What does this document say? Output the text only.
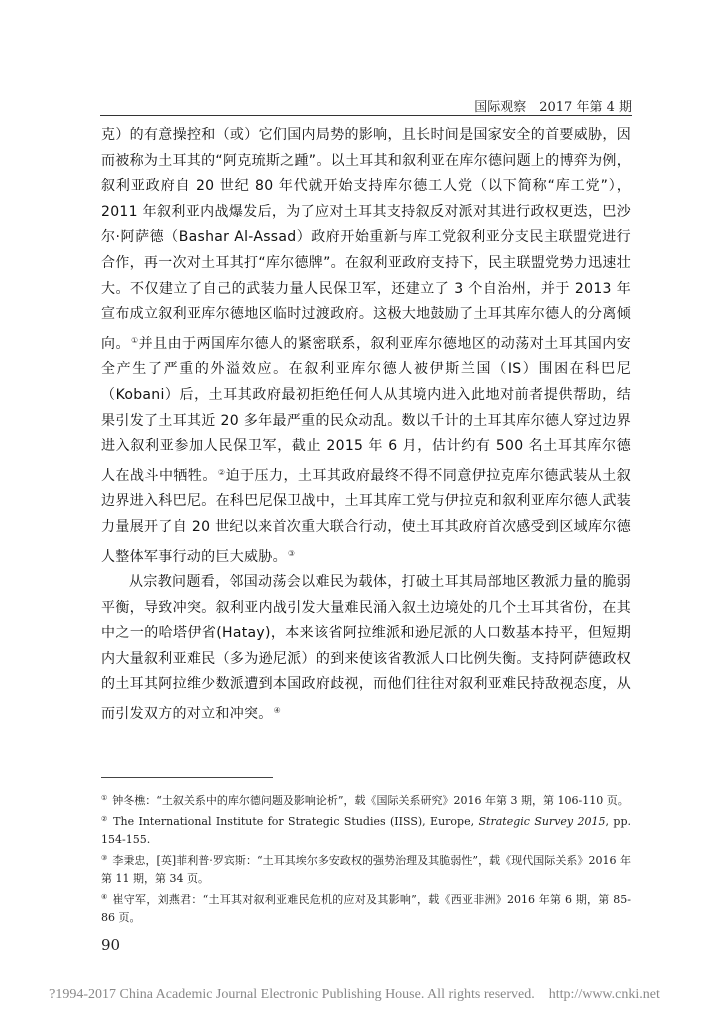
国际观察　2017 年第 4 期

克）的有意操控和（或）它们国内局势的影响，且长时间是国家安全的首要威胁，因而被称为土耳其的“阿克琉斯之踵”。以土耳其和叙利亚在库尔德问题上的博弈为例，叙利亚政府自 20 世纪 80 年代就开始支持库尔德工人党（以下简称“库工党”），2011 年叙利亚内战爆发后，为了应对土耳其支持叙反对派对其进行政权更迭，巴沙尔·阿萨德（Bashar Al-Assad）政府开始重新与库工党叙利亚分支民主联盟党进行合作，再一次对土耳其打“库尔德牌”。在叙利亚政府支持下，民主联盟党势力迅速壮大。不仅建立了自己的武装力量人民保卫军，还建立了 3 个自治州，并于 2013 年宣布成立叙利亚库尔德地区临时过渡政府。这极大地鼓励了土耳其库尔德人的分离倾向。①并且由于两国库尔德人的紧密联系，叙利亚库尔德地区的动荡对土耳其国内安全产生了严重的外溢效应。在叙利亚库尔德人被伊斯兰国（IS）围困在科巴尼（Kobani）后，土耳其政府最初拒绝任何人从其境内进入此地对前者提供帮助，结果引发了土耳其近 20 多年最严重的民众动乱。数以千计的土耳其库尔德人穿过边界进入叙利亚参加人民保卫军，截止 2015 年 6 月，估计约有 500 名土耳其库尔德人在战斗中牺牲。②迫于压力，土耳其政府最终不得不同意伊拉克库尔德武装从土叙边界进入科巴尼。在科巴尼保卫战中，土耳其库工党与伊拉克和叙利亚库尔德人武装力量展开了自 20 世纪以来首次重大联合行动，使土耳其政府首次感受到区域库尔德人整体军事行动的巨大威胁。③

从宗教问题看，邻国动荡会以难民为载体，打破土耳其局部地区教派力量的脆弱平衡，导致冲突。叙利亚内战引发大量难民涌入叙土边境处的几个土耳其省份，在其中之一的哈塔伊省(Hatay)，本来该省阿拉维派和逊尼派的人口数基本持平，但短期内大量叙利亚难民（多为逊尼派）的到来使该省教派人口比例失衡。支持阿萨德政权的土耳其阿拉维少数派遭到本国政府歧视，而他们往往对叙利亚难民持敌视态度，从而引发双方的对立和冲突。④

① 钟冬樵：“土叙关系中的库尔德问题及影响论析”，载《国际关系研究》2016 年第 3 期，第 106-110 页。

② The International Institute for Strategic Studies (IISS), Europe, Strategic Survey 2015, pp. 154-155.

③ 李秉忠，[英]菲利普·罗宾斯：“土耳其埃尔多安政权的强势治理及其脆弱性”，载《现代国际关系》2016 年第 11 期，第 34 页。

④ 崔守军，刘燕君：“土耳其对叙利亚难民危机的应对及其影响”，载《西亚非洲》2016 年第 6 期，第 85-86 页。

90
?1994-2017 China Academic Journal Electronic Publishing House. All rights reserved.　http://www.cnki.net
